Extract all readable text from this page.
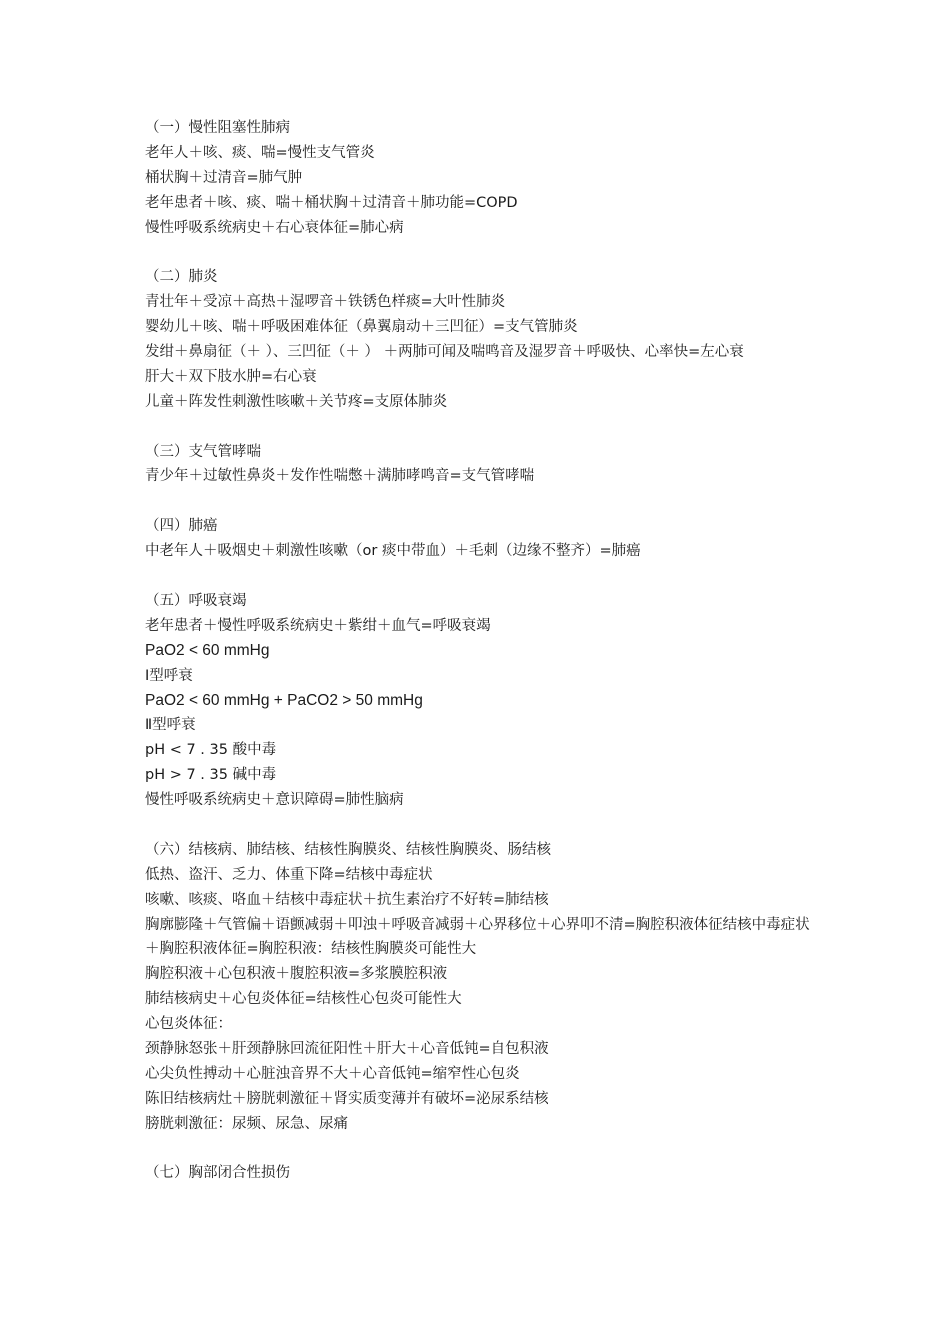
（一）慢性阻塞性肺病
老年人＋咳、痰、喘=慢性支气管炎
桶状胸＋过清音=肺气肿
老年患者＋咳、痰、喘＋桶状胸＋过清音＋肺功能=COPD
慢性呼吸系统病史＋右心衰体征=肺心病
（二）肺炎
青壮年＋受凉＋高热＋湿啰音＋铁锈色样痰=大叶性肺炎
婴幼儿＋咳、喘＋呼吸困难体征（鼻翼扇动＋三凹征）=支气管肺炎
发绀＋鼻扇征（＋ ）、三凹征（＋ ） ＋两肺可闻及喘鸣音及湿罗音＋呼吸快、心率快=左心衰
肝大＋双下肢水肿=右心衰
儿童＋阵发性刺激性咳嗽＋关节疼=支原体肺炎
（三）支气管哮喘
青少年＋过敏性鼻炎＋发作性喘憋＋满肺哮鸣音=支气管哮喘
（四）肺癌
中老年人＋吸烟史＋刺激性咳嗽（or 痰中带血）＋毛刺（边缘不整齐）=肺癌
（五）呼吸衰竭
老年患者＋慢性呼吸系统病史＋紫绀＋血气=呼吸衰竭
PaO2 < 60 mmHg
Ⅰ型呼衰
PaO2 < 60 mmHg + PaCO2 > 50 mmHg
Ⅱ型呼衰
pH < 7 . 35 酸中毒
pH > 7 . 35 碱中毒
慢性呼吸系统病史＋意识障碍=肺性脑病
（六）结核病、肺结核、结核性胸膜炎、结核性胸膜炎、肠结核
低热、盗汗、乏力、体重下降=结核中毒症状
咳嗽、咳痰、咯血＋结核中毒症状＋抗生素治疗不好转=肺结核
胸廓膨隆＋气管偏＋语颤减弱＋叩浊＋呼吸音减弱＋心界移位＋心界叩不清=胸腔积液体征结核中毒症状＋胸腔积液体征=胸腔积液：结核性胸膜炎可能性大
胸腔积液＋心包积液＋腹腔积液=多浆膜腔积液
肺结核病史＋心包炎体征=结核性心包炎可能性大
心包炎体征：
颈静脉怒张＋肝颈静脉回流征阳性＋肝大＋心音低钝=自包积液
心尖负性搏动＋心脏浊音界不大＋心音低钝=缩窄性心包炎
陈旧结核病灶＋膀胱刺激征＋肾实质变薄并有破坏=泌尿系结核
膀胱刺激征：尿频、尿急、尿痛
（七）胸部闭合性损伤
